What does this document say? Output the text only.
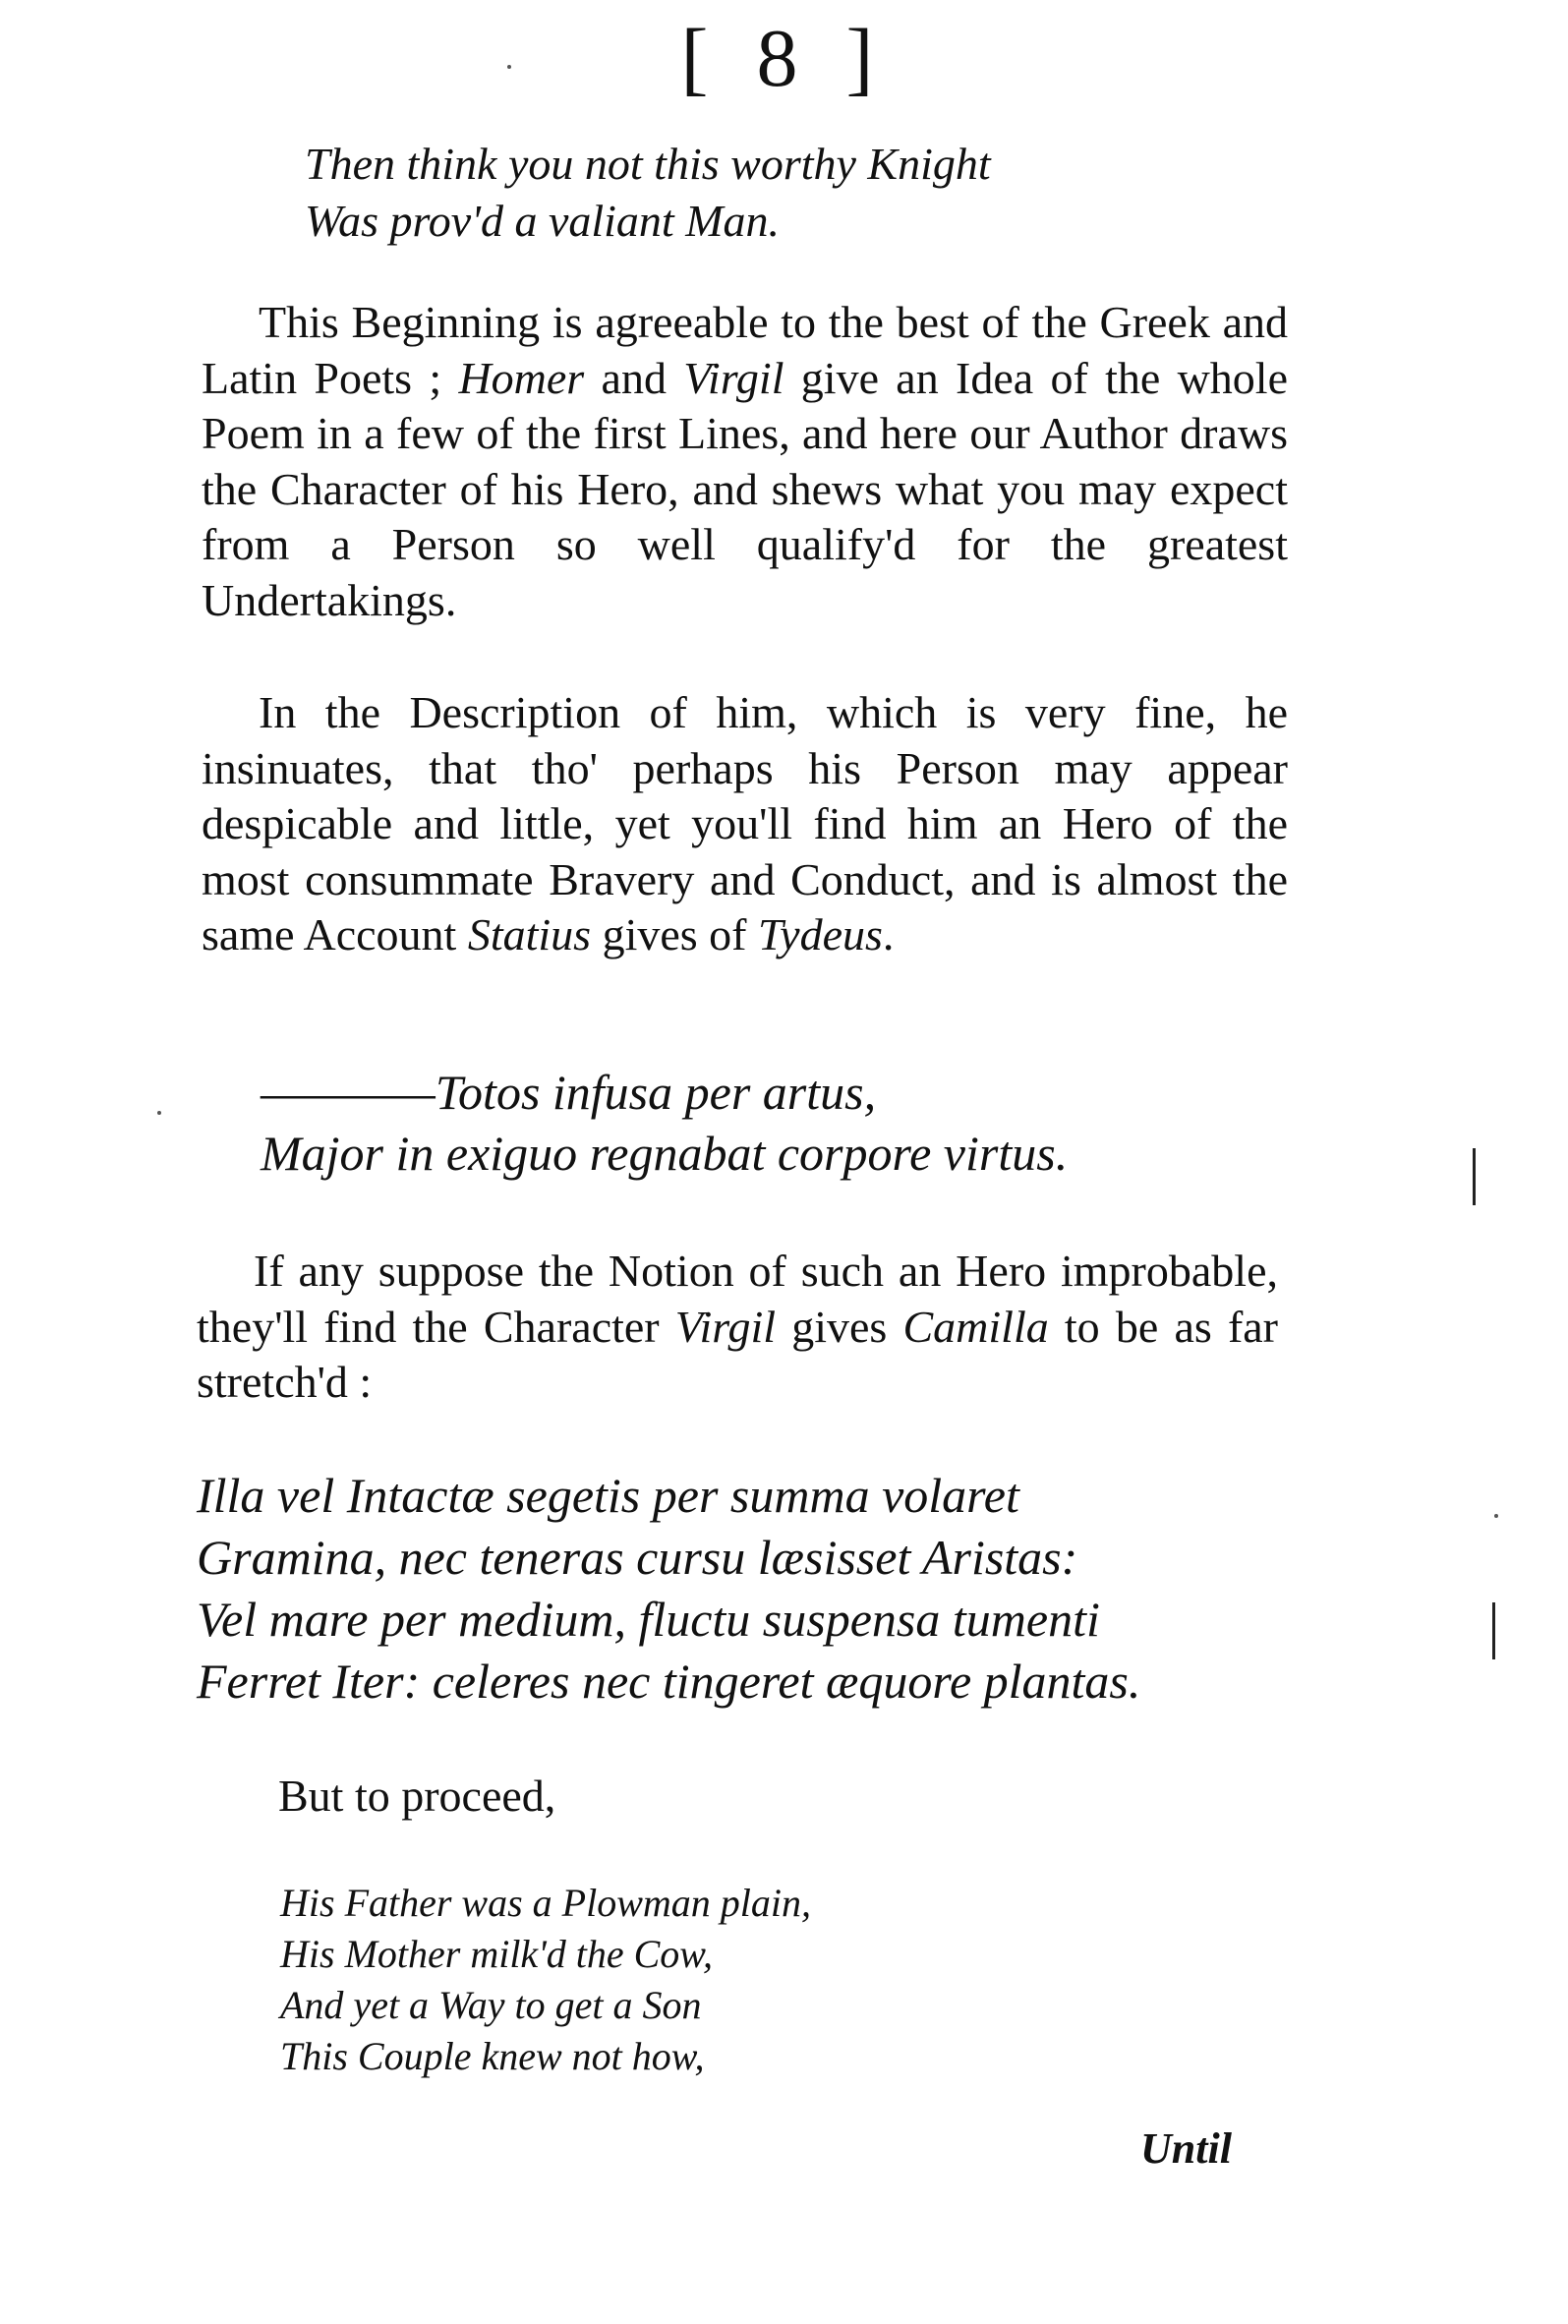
[ 8 ]
Then think you not this worthy Knight
Was prov'd a valiant Man.

This Beginning is agreeable to the best of the Greek and Latin Poets ; Homer and Virgil give an Idea of the whole Poem in a few of the first Lines, and here our Author draws the Character of his Hero, and shews what you may expect from a Person so well qualify'd for the greatest Undertakings.

In the Description of him, which is very fine, he insinuates, that tho' perhaps his Person may appear despicable and little, yet you'll find him an Hero of the most consummate Bravery and Conduct, and is almost the same Account Statius gives of Tydeus.

————Totos infusa per artus,
Major in exiguo regnabat corpore virtus.

If any suppose the Notion of such an Hero improbable, they'll find the Character Virgil gives Camilla to be as far stretch'd :

Illa vel Intactæ segetis per summa volaret
Gramina, nec teneras cursu læsisset Aristas:
Vel mare per medium, fluctu suspensa tumenti
Ferret Iter: celeres nec tingeret æquore plantas.
But to proceed,
His Father was a Plowman plain,
His Mother milk'd the Cow,
And yet a Way to get a Son
This Couple knew not how,
Until
